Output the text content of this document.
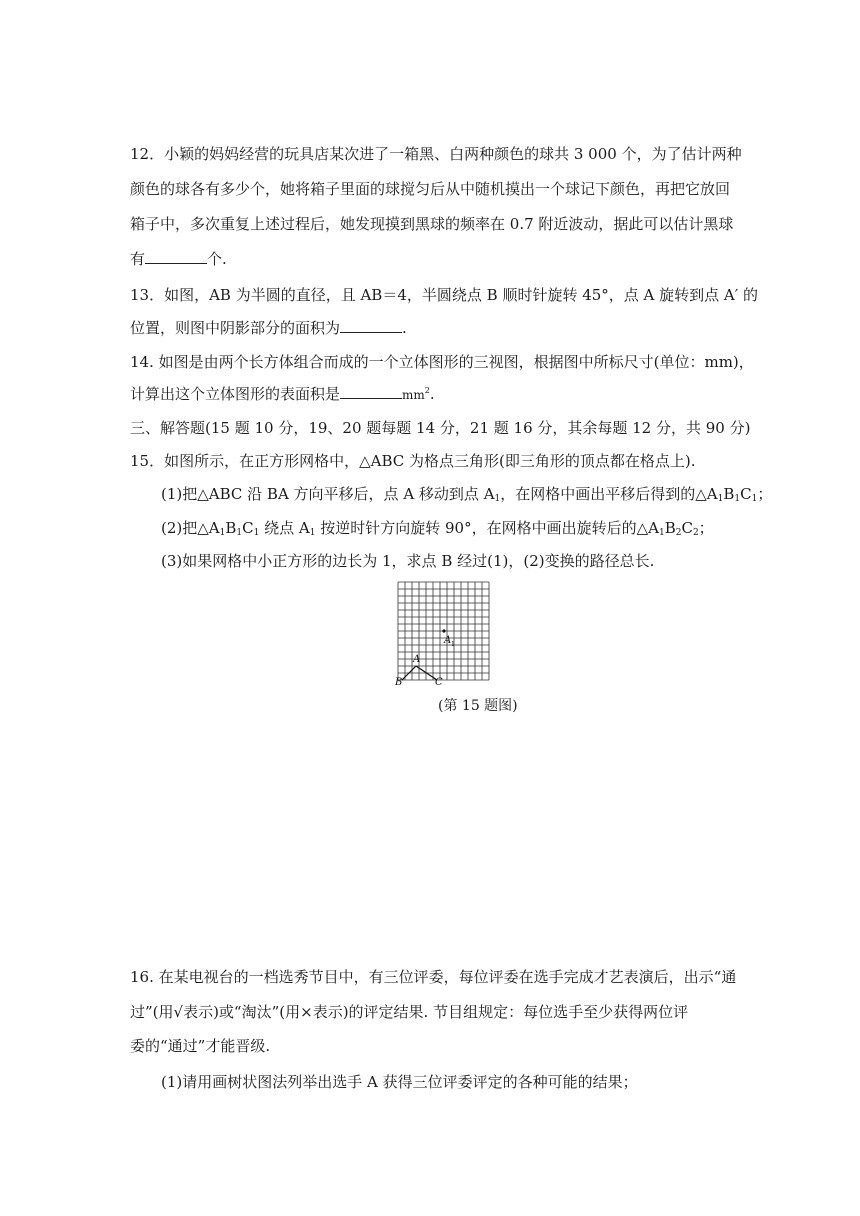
12．小颖的妈妈经营的玩具店某次进了一箱黑、白两种颜色的球共 3 000 个，为了估计两种
颜色的球各有多少个，她将箱子里面的球搅匀后从中随机摸出一个球记下颜色，再把它放回
箱子中，多次重复上述过程后，她发现摸到黑球的频率在 0.7 附近波动，据此可以估计黑球
有	个.
13．如图，AB 为半圆的直径，且 AB＝4，半圆绕点 B 顺时针旋转 45°，点 A 旋转到点 A′ 的
位置，则图中阴影部分的面积为	.
14. 如图是由两个长方体组合而成的一个立体图形的三视图，根据图中所标尺寸(单位：mm)，
计算出这个立体图形的表面积是	$mm^2$.
三、解答题(15 题 10 分，19、20 题每题 14 分，21 题 16 分，其余每题 12 分，共 90 分)
15．如图所示，在正方形网格中，△ABC 为格点三角形(即三角形的顶点都在格点上).
(1)把△ABC 沿 BA 方向平移后，点 A 移动到点 $A_1$，在网格中画出平移后得到的$\triangle A_1B_1C_1$；
(2)把$\triangle A_1B_1C_1$ 绕点 $A_1$ 按逆时针方向旋转 90°，在网格中画出旋转后的$\triangle A_1B_2C_2$；
(3)如果网格中小正方形的边长为 1，求点 B 经过(1)，(2)变换的路径总长.
A
B	C
A 1
(第 15 题图)
16. 在某电视台的一档选秀节目中，有三位评委，每位评委在选手完成才艺表演后，出示“通
过”(用√表示)或“淘汰”(用×表示)的评定结果. 节目组规定：每位选手至少获得两位评
委的“通过”才能晋级.
(1)请用画树状图法列举出选手 A 获得三位评委评定的各种可能的结果；
